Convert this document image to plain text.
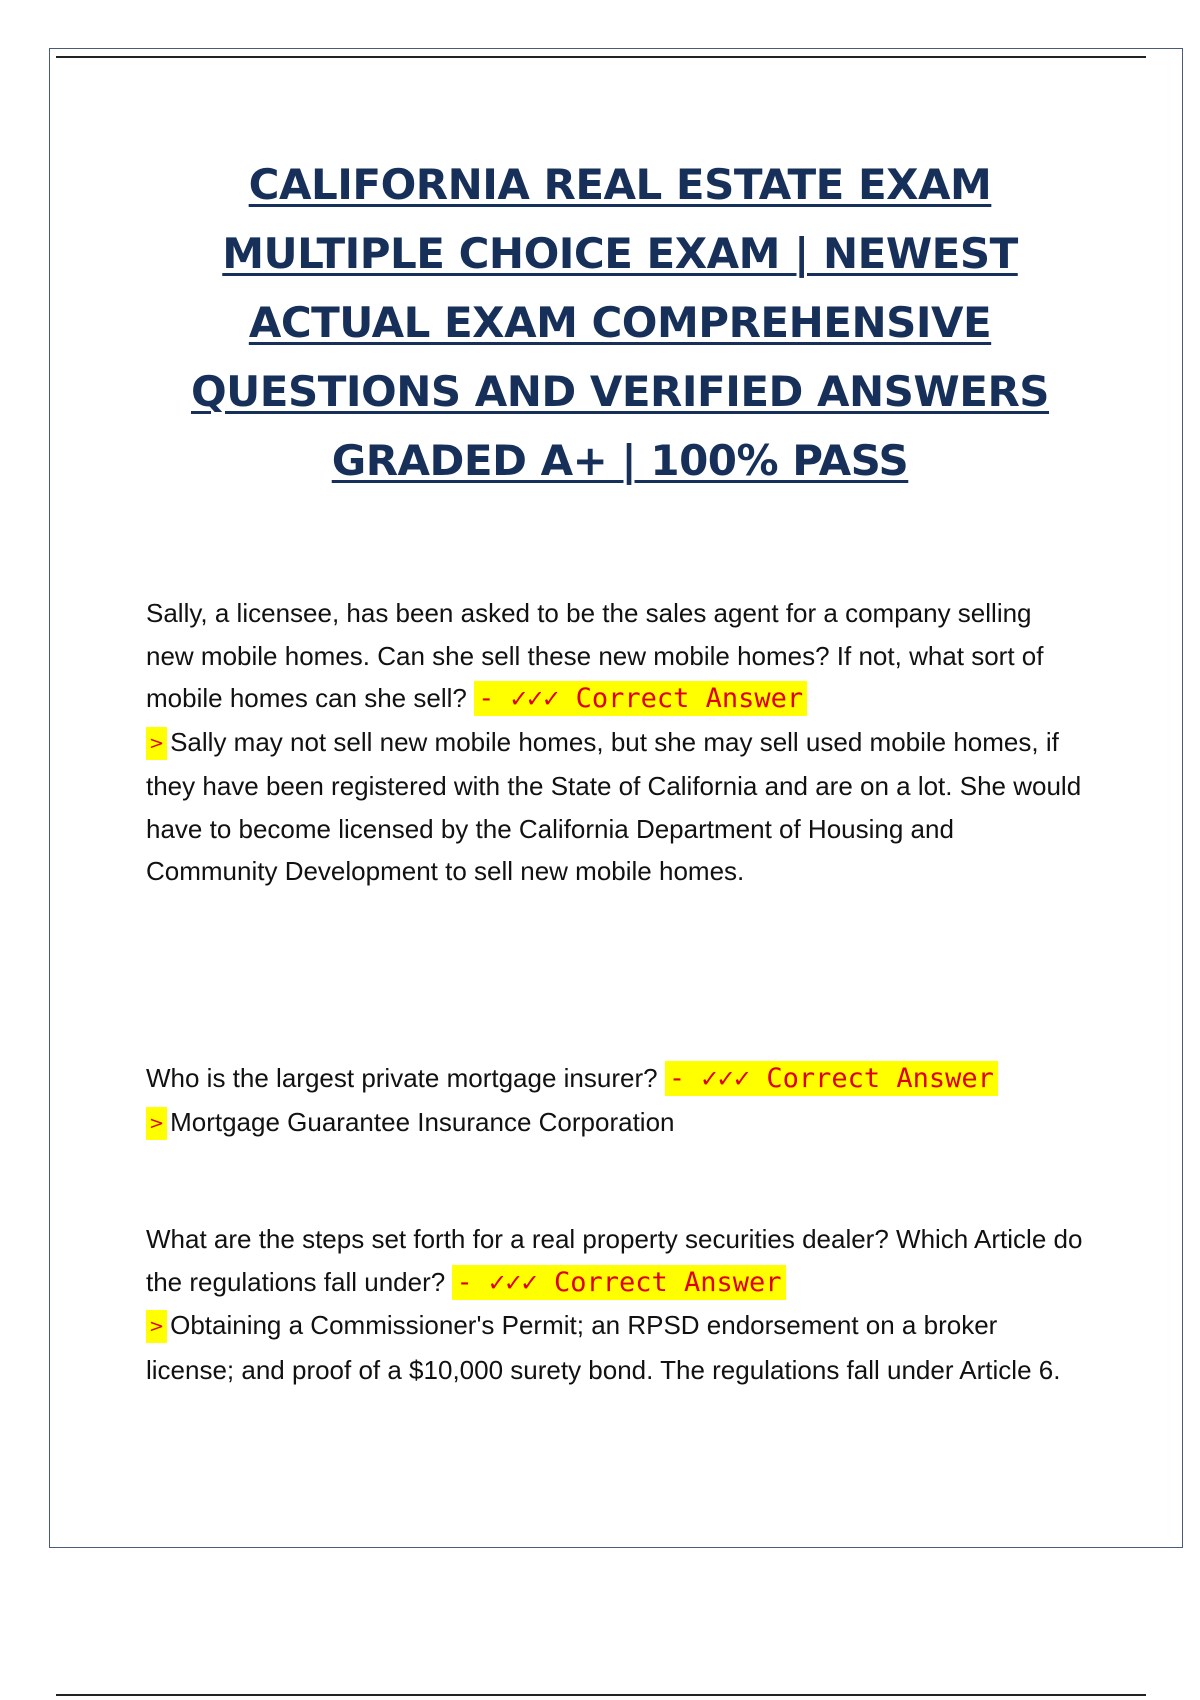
CALIFORNIA REAL ESTATE EXAM
MULTIPLE CHOICE EXAM | NEWEST
ACTUAL EXAM COMPREHENSIVE
QUESTIONS AND VERIFIED ANSWERS
GRADED A+ | 100% PASS
Sally, a licensee, has been asked to be the sales agent for a company selling new mobile homes. Can she sell these new mobile homes? If not, what sort of mobile homes can she sell? - ✓✓✓ Correct Answer
> Sally may not sell new mobile homes, but she may sell used mobile homes, if they have been registered with the State of California and are on a lot. She would have to become licensed by the California Department of Housing and Community Development to sell new mobile homes.
Who is the largest private mortgage insurer? - ✓✓✓ Correct Answer
> Mortgage Guarantee Insurance Corporation
What are the steps set forth for a real property securities dealer? Which Article do the regulations fall under? - ✓✓✓ Correct Answer
> Obtaining a Commissioner's Permit; an RPSD endorsement on a broker license; and proof of a $10,000 surety bond. The regulations fall under Article 6.
